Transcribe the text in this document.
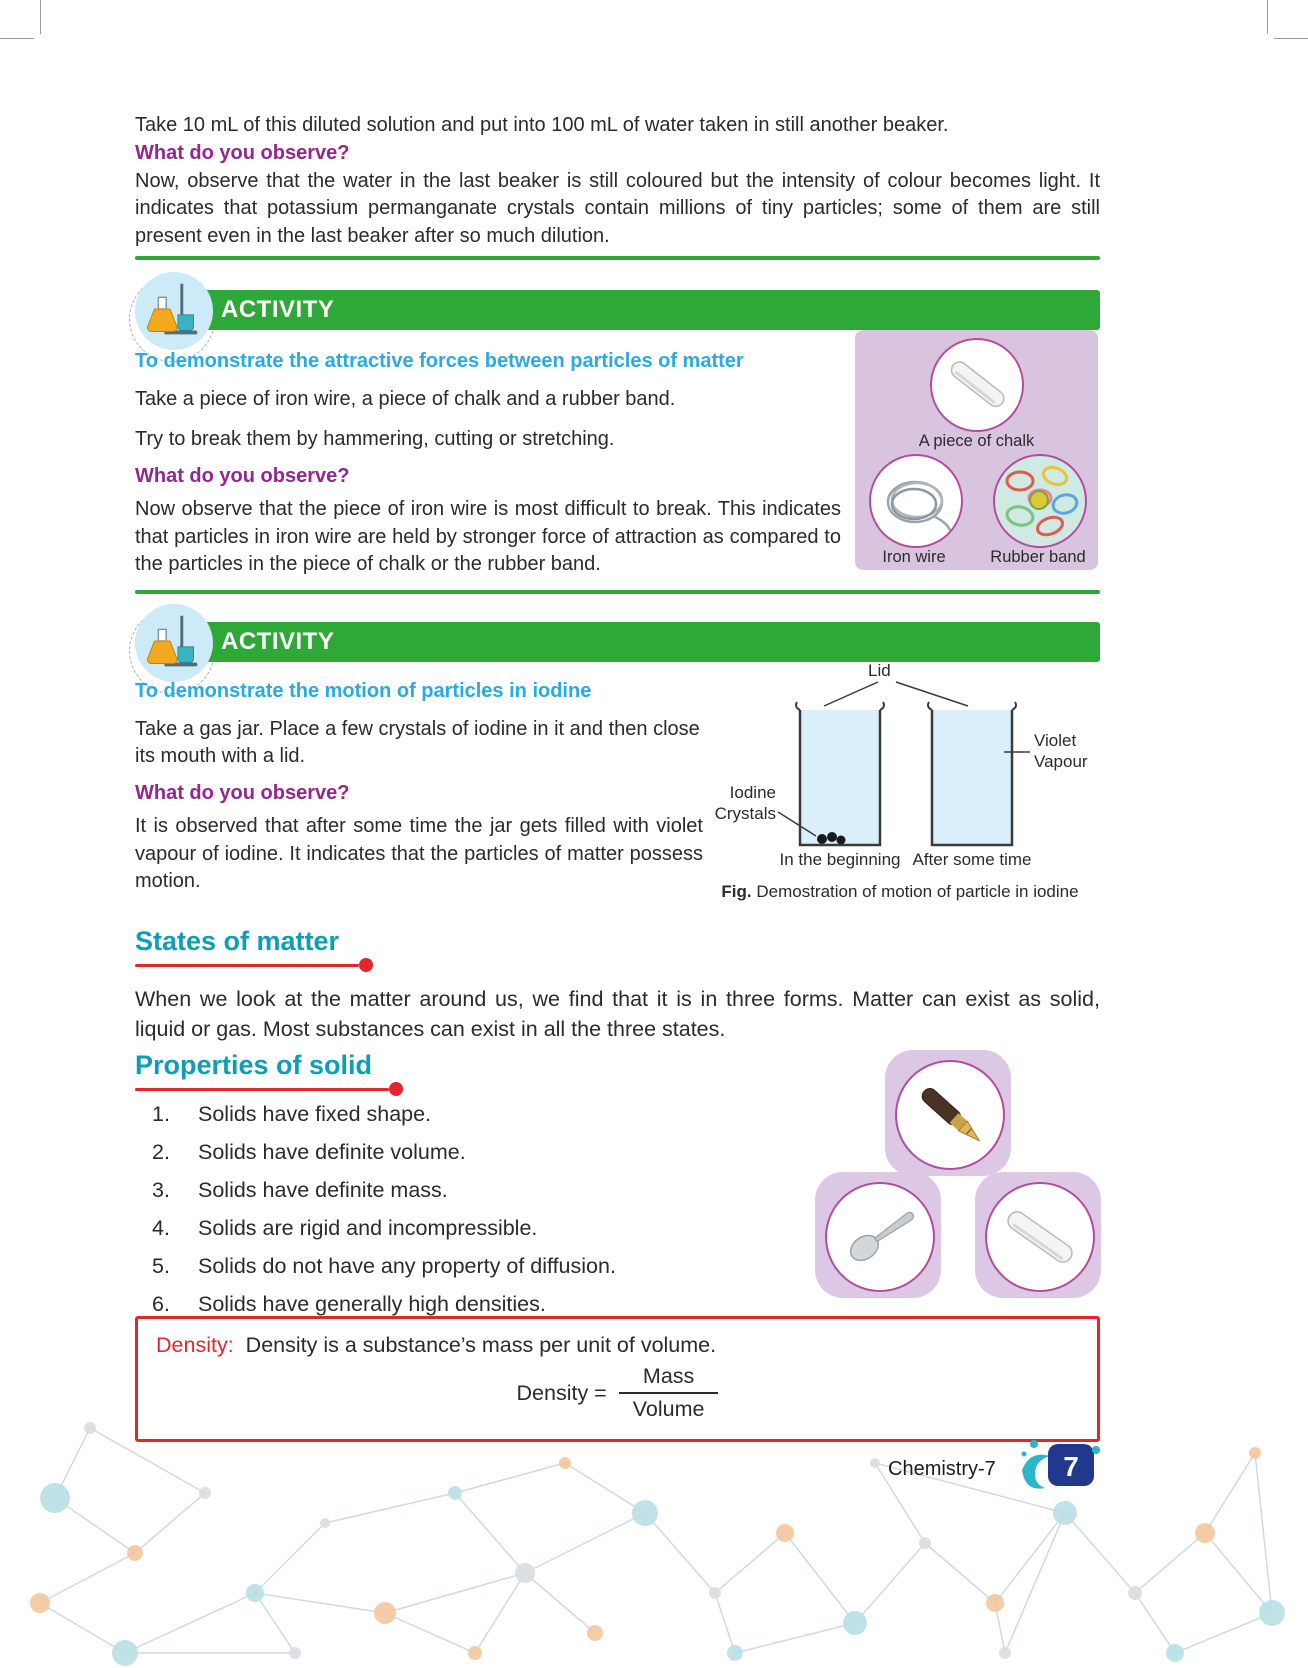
Take 10 mL of this diluted solution and put into 100 mL of water taken in still another beaker.
What do you observe?
Now, observe that the water in the last beaker is still coloured but the intensity of colour becomes light. It indicates that potassium permanganate crystals contain millions of tiny particles; some of them are still present even in the last beaker after so much dilution.
ACTIVITY
To demonstrate the attractive forces between particles of matter
Take a piece of iron wire, a piece of chalk and a rubber band.
Try to break them by hammering, cutting or stretching.
What do you observe?
Now observe that the piece of iron wire is most difficult to break. This indicates that particles in iron wire are held by stronger force of attraction as compared to the particles in the piece of chalk or the rubber band.
A piece of chalk
Iron wire	Rubber band
ACTIVITY
To demonstrate the motion of particles in iodine
Take a gas jar. Place a few crystals of iodine in it and then close its mouth with a lid.
What do you observe?
It is observed that after some time the jar gets filled with violet vapour of iodine. It indicates that the particles of matter possess motion.
Lid
Violet Vapour
Iodine Crystals
In the beginning After some time
Fig. Demostration of motion of particle in iodine
States of matter
When we look at the matter around us, we find that it is in three forms. Matter can exist as solid, liquid or gas. Most substances can exist in all the three states.
Properties of solid
Solids have fixed shape.
Solids have definite volume.
Solids have definite mass.
Solids are rigid and incompressible.
Solids do not have any property of diffusion.
Solids have generally high densities.
Density: Density is a substance’s mass per unit of volume.
Density = $\frac{\text{Mass}}{\text{Volume}}$
Chemistry-7 7
